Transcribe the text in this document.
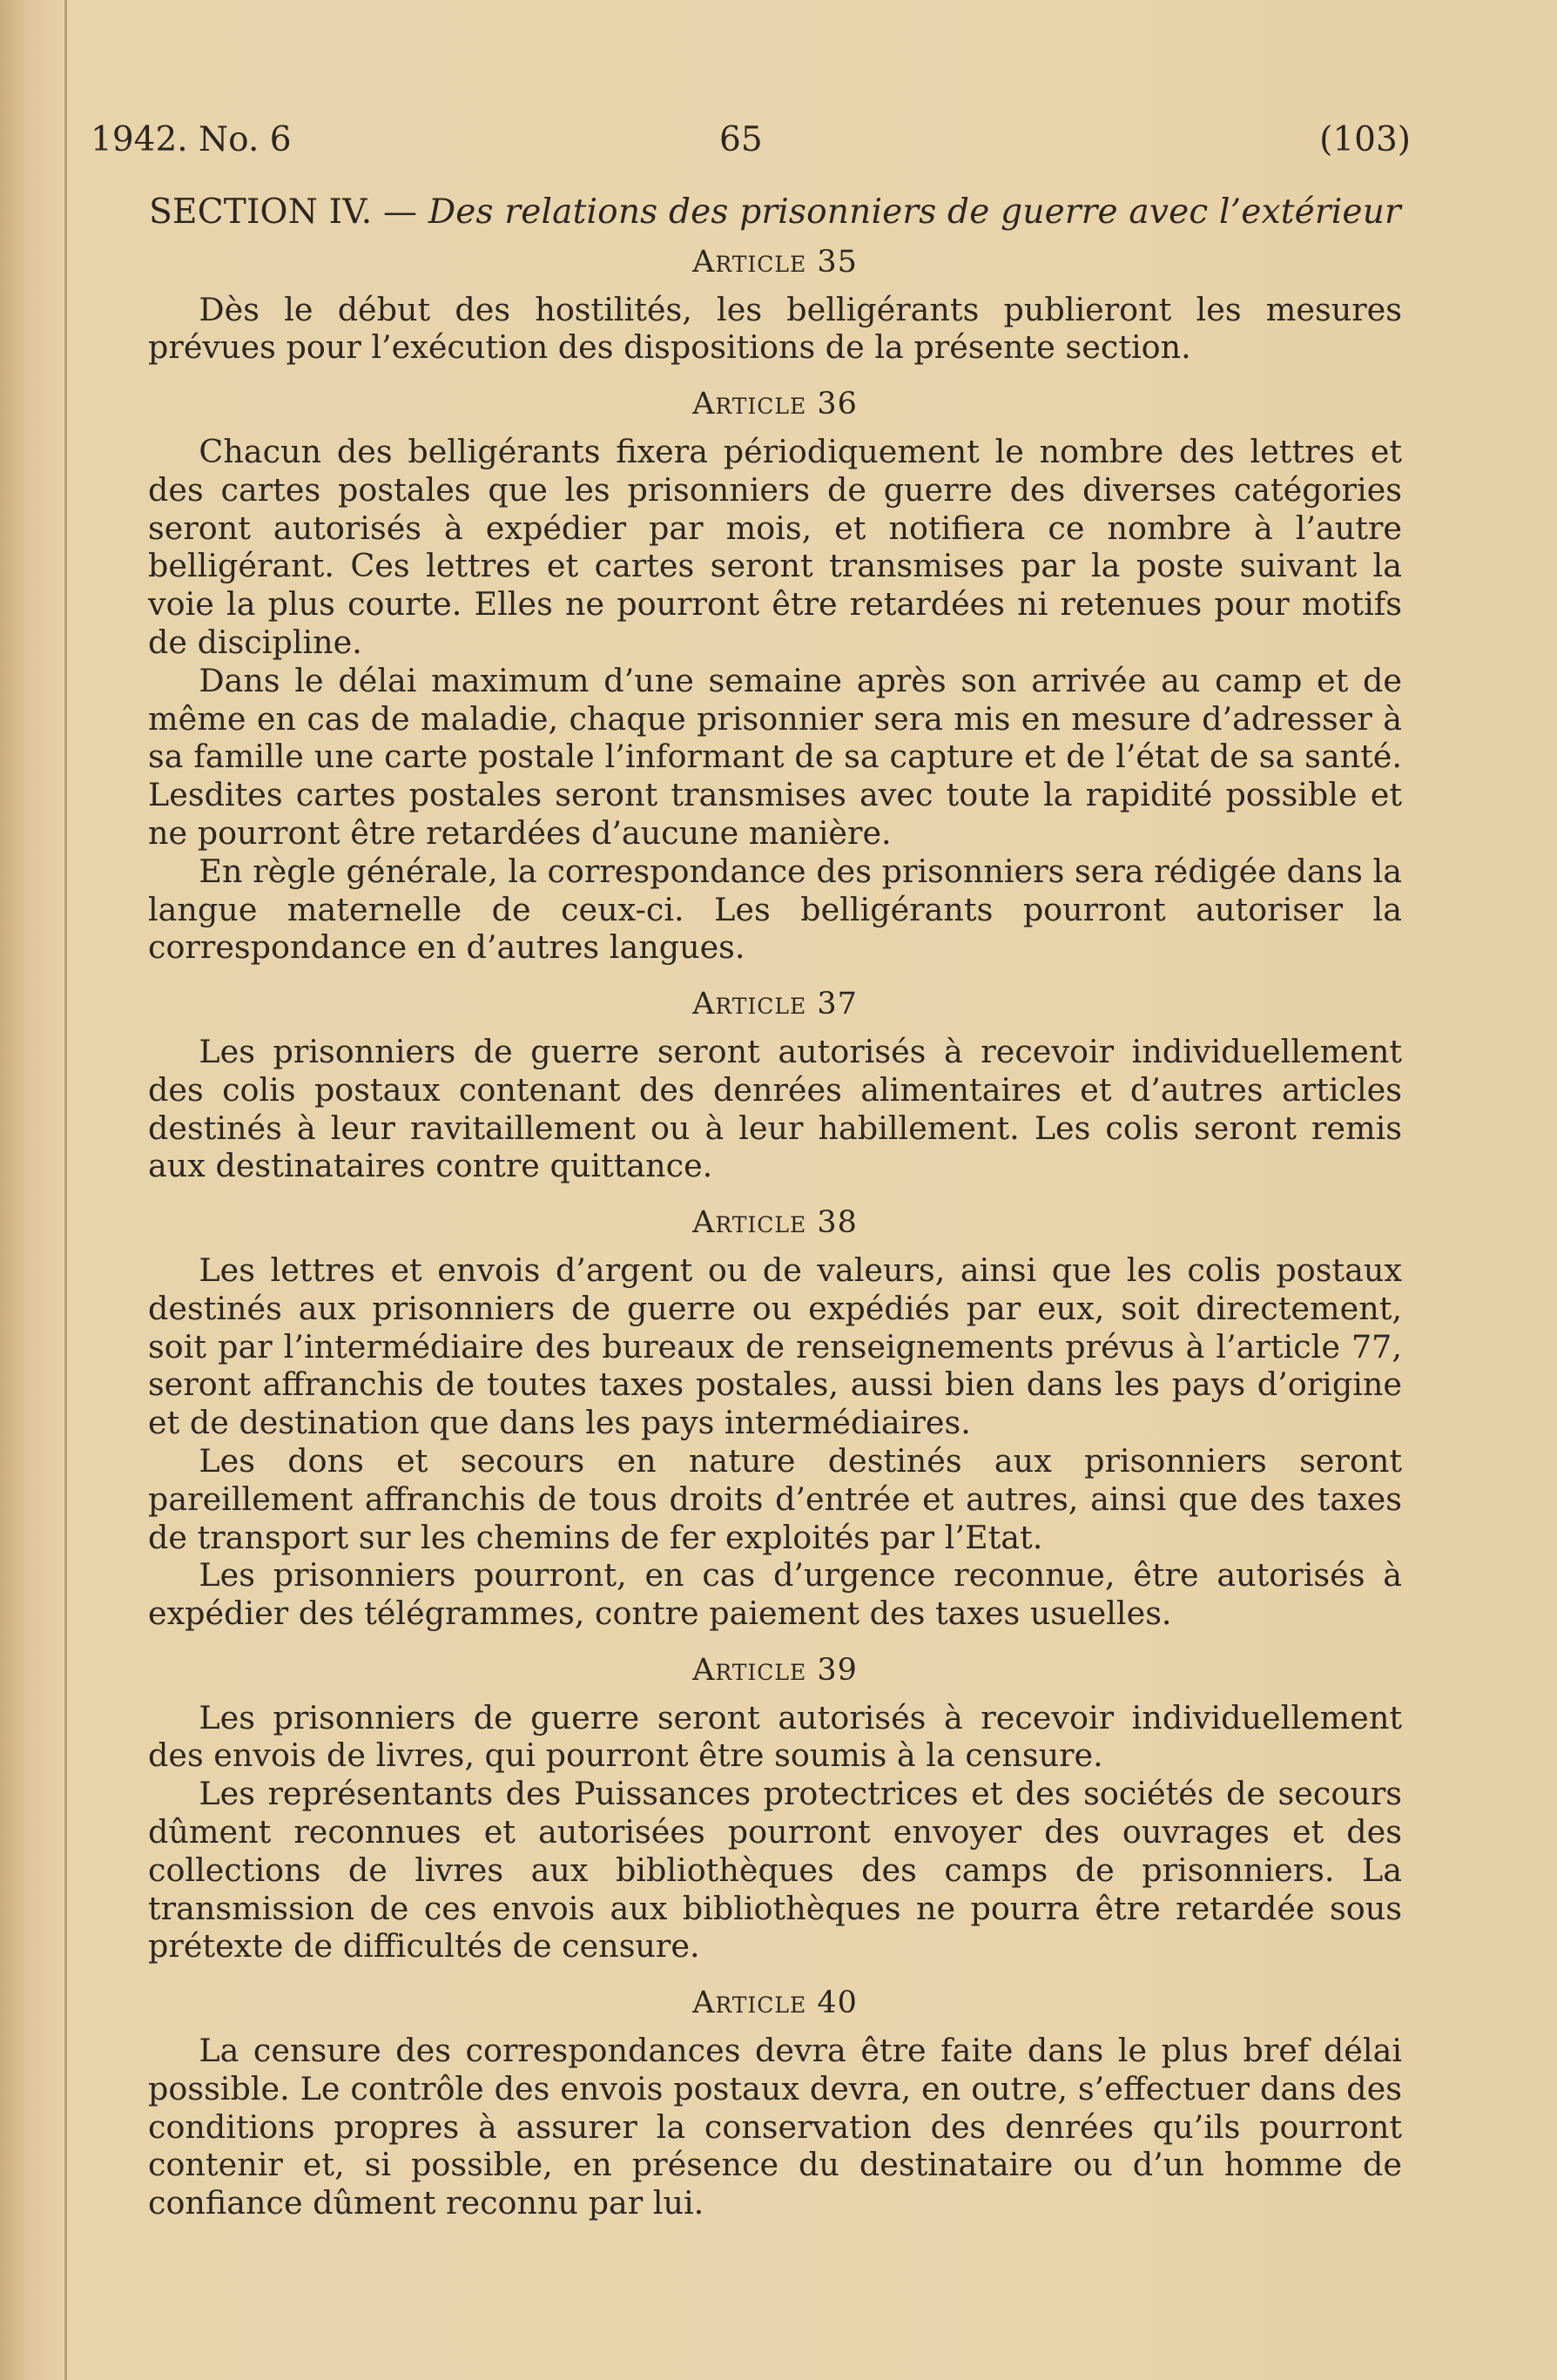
1942. No. 6	65	(103)
SECTION IV. — Des relations des prisonniers de guerre avec l’extérieur
Article 35

Dès le début des hostilités, les belligérants publieront les mesures prévues pour l’exécution des dispositions de la présente section.

Article 36

Chacun des belligérants fixera périodiquement le nombre des lettres et des cartes postales que les prisonniers de guerre des diverses catégories seront autorisés à expédier par mois, et notifiera ce nombre à l’autre belligérant. Ces lettres et cartes seront transmises par la poste suivant la voie la plus courte. Elles ne pourront être retardées ni retenues pour motifs de discipline.

Dans le délai maximum d’une semaine après son arrivée au camp et de même en cas de maladie, chaque prisonnier sera mis en mesure d’adresser à sa famille une carte postale l’informant de sa capture et de l’état de sa santé. Lesdites cartes postales seront transmises avec toute la rapidité possible et ne pourront être retardées d’aucune manière.

En règle générale, la correspondance des prisonniers sera rédigée dans la langue maternelle de ceux-ci. Les belligérants pourront autoriser la correspondance en d’autres langues.

Article 37

Les prisonniers de guerre seront autorisés à recevoir individuellement des colis postaux contenant des denrées alimentaires et d’autres articles destinés à leur ravitaillement ou à leur habillement. Les colis seront remis aux destinataires contre quittance.

Article 38

Les lettres et envois d’argent ou de valeurs, ainsi que les colis postaux destinés aux prisonniers de guerre ou expédiés par eux, soit directement, soit par l’intermédiaire des bureaux de renseignements prévus à l’article 77, seront affranchis de toutes taxes postales, aussi bien dans les pays d’origine et de destination que dans les pays intermédiaires.

Les dons et secours en nature destinés aux prisonniers seront pareillement affranchis de tous droits d’entrée et autres, ainsi que des taxes de transport sur les chemins de fer exploités par l’Etat.

Les prisonniers pourront, en cas d’urgence reconnue, être autorisés à expédier des télégrammes, contre paiement des taxes usuelles.

Article 39

Les prisonniers de guerre seront autorisés à recevoir individuellement des envois de livres, qui pourront être soumis à la censure.

Les représentants des Puissances protectrices et des sociétés de secours dûment reconnues et autorisées pourront envoyer des ouvrages et des collections de livres aux bibliothèques des camps de prisonniers. La transmission de ces envois aux bibliothèques ne pourra être retardée sous prétexte de difficultés de censure.

Article 40

La censure des correspondances devra être faite dans le plus bref délai possible. Le contrôle des envois postaux devra, en outre, s’effectuer dans des conditions propres à assurer la conservation des denrées qu’ils pourront contenir et, si possible, en présence du destinataire ou d’un homme de confiance dûment reconnu par lui.
